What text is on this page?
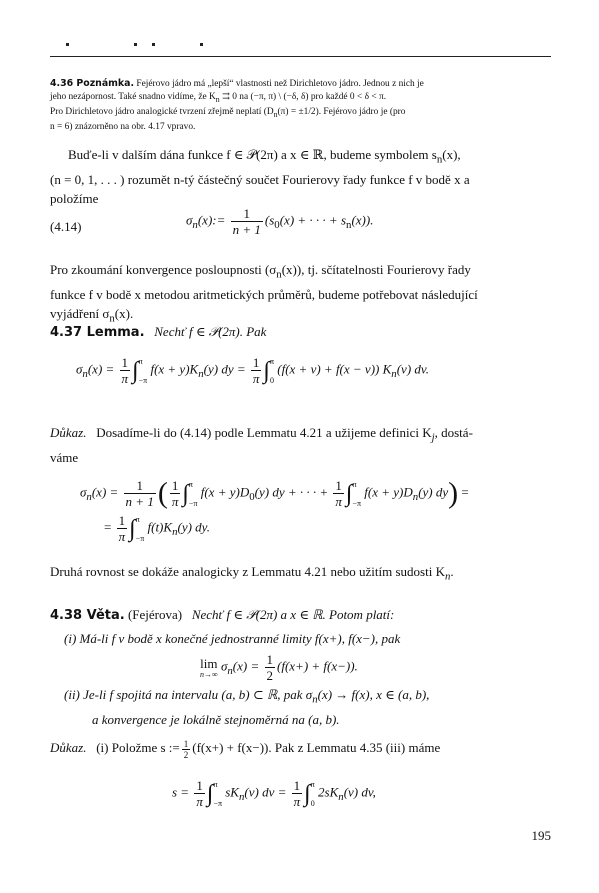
4.36 Poznámka. Fejérovo jádro má „lepší“ vlastnosti než Dirichletovo jádro. Jednou z nich je
jeho nezápornost. Také snadno vidíme, že $K_n$ ⇉ 0 na (−π, π) \ (−δ, δ) pro každé 0 < δ < π.
Pro Dirichletovo jádro analogické tvrzení zřejmě neplatí $(D_n(\pi) = \pm 1/2)$. Fejérovo jádro je (pro
n = 6) znázorněno na obr. 4.17 vpravo.
Buďe-li v dalším dána funkce f ∈ 𝒫(2π) a x ∈ ℝ, budeme symbolem $s_n(x)$,
(n = 0, 1, . . . ) rozumět n-tý částečný součet Fourierovy řady funkce f v bodě x a
položíme
(4.14)	$\sigma_n(x):= \frac{1}{n + 1} (s_0(x)$ + · · · + $s_n(x)$).
Pro zkoumání konvergence posloupnosti $(\sigma_n(x))$, tj. sčítatelnosti Fourierovy řady
funkce f v bodě x metodou aritmetických průměrů, budeme potřebovat následující
vyjádření $\sigma_n(x)$.
4.37 Lemma. Nechť f ∈ 𝒫(2π). Pak
$\sigma_n(x) = \frac{1}{\pi}$ ∫ π
−π
$f(x + y)K_n(y)$ dy = $\frac{1}{\pi}$ ∫ π
0
(f(x + v) + f(x − v)) $K_n(v)$ dv.
Důkaz. Dosadíme-li do (4.14) podle Lemmatu 4.21 a užijeme definici $K_j$, dostá-
váme
$\sigma_n(x) = \frac{1}{n + 1}$ ( $\frac{1}{\pi}$ ∫ π
−π
$f(x + y)D_0(y)$ dy + · · · + $\frac{1}{\pi}$ ∫ π
−π
$f(x + y)D_n(y)$ dy) =
= $\frac{1}{\pi}$ ∫ π
−π
$f(t)K_n(y)$ dy.
Druhá rovnost se dokáže analogicky z Lemmatu 4.21 nebo užitím sudosti $K_n$.
4.38 Věta. (Fejérova) Nechť f ∈ 𝒫(2π) a x ∈ ℝ. Potom platí:
(i) Má-li f v bodě x konečné jednostranné limity f(x+), f(x−), pak
lim
n→∞
$\sigma_n(x) = \frac{1}{2} (f(x+) + f(x-))$.
(ii) Je-li f spojitá na intervalu (a, b) ⊂ ℝ, pak $\sigma_n(x) \to f(x)$, x ∈ (a, b),
a konvergence je lokálně stejnoměrná na (a, b).
Důkaz. (i) Položme s := $\frac{1}{2} (f(x+) + f(x-))$. Pak z Lemmatu 4.35 (iii) máme
$s = \frac{1}{\pi}$ ∫ π
−π
$sK_n(v)$ dv = $\frac{1}{\pi}$ ∫ π
0
$2sK_n(v)$ dv,
195
